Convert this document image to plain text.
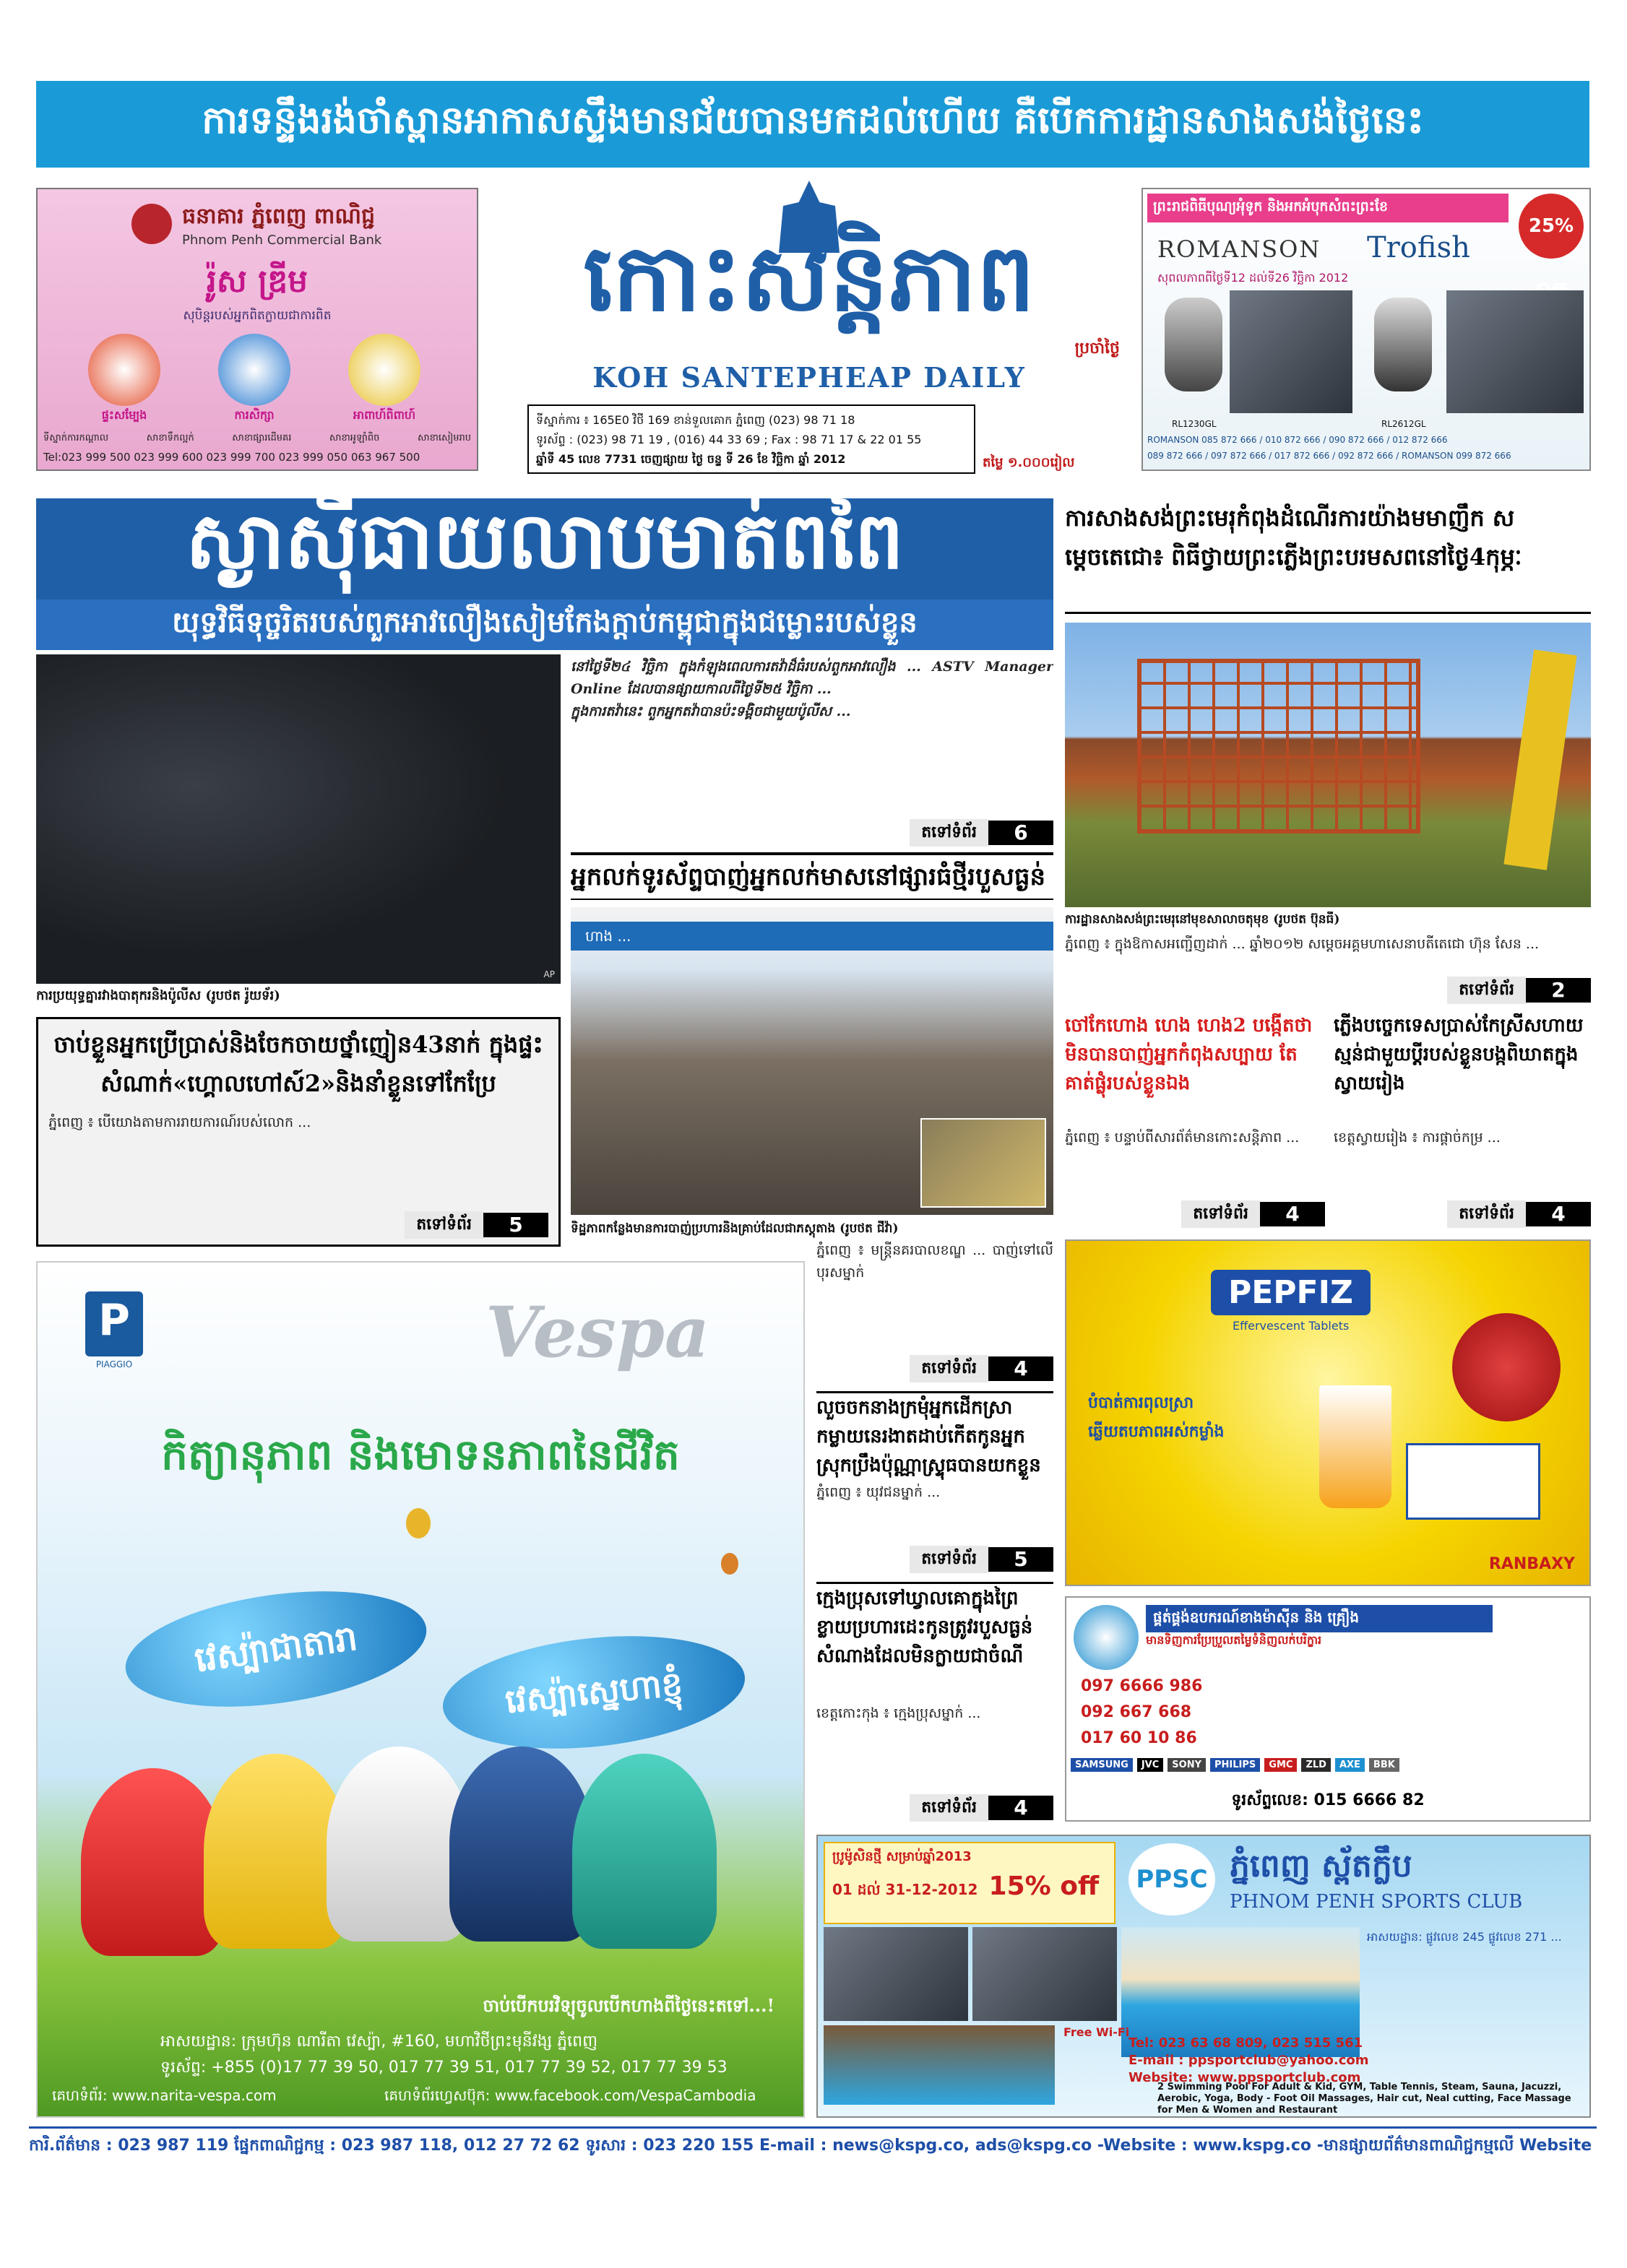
ការទន្ទឹងរង់ចាំស្ពានអាកាសស្ទឹងមានជ័យបានមកដល់ហើយ គឺបើកការដ្ឋានសាងសង់ថ្ងៃនេះ
ធនាគារ ភ្នំពេញ ពាណិជ្ជ
Phnom Penh Commercial Bank
រ៉ូស ឌ្រីម
សុបិន្តរបស់អ្នកពិតក្លាយជាការពិត
ផ្ទះសម្បែង	ការសិក្សា	អាពាហ៍ពិពាហ៍
ទីស្នាក់ការកណ្តាល	សាខាទឹកល្អក់	សាខាផ្សារដើមគរ	សាខាអូឡាំពិច	សាខាសៀមរាប
Tel:023 999 500 023 999 600 023 999 700 023 999 050 063 967 500
កោះសន្តិភាព
ប្រចាំថ្ងៃ
KOH SANTEPHEAP DAILY
ទីស្នាក់ការ ៖ 165E0 វិថី 169 ខាន់ទួលគោក ភ្នំពេញ (023) 98 71 18
ទូរស័ព្ទ : (023) 98 71 19 , (016) 44 33 69 ; Fax : 98 71 17 & 22 01 55
ឆ្នាំទី 45 លេខ 7731 ចេញផ្សាយ ថ្ងៃ ចន្ទ ទី 26 ខែ វិច្ឆិកា ឆ្នាំ 2012	តម្លៃ ១.០០០រៀល
ព្រះរាជពិធីបុណ្យអុំទូក និងអកអំបុកសំពះព្រះខែ
25%
ROMANSON Trofish
សុពលភាពពីថ្ងៃទី12 ដល់ទី26 វិច្ឆិកា 2012
RL1230GL	RL2612GL
ROMANSON 085 872 666 / 010 872 666 / 090 872 666 / 012 872 666
089 872 666 / 097 872 666 / 017 872 666 / 092 872 666 / ROMANSON 099 872 666
ស្ងាស៊ីធាយលាបមាត់ពពៃ
យុទ្ធវិធីទុច្ចរិតរបស់ពួកអាវលឿងសៀមកែងក្តាប់កម្ពុជាក្នុងជម្លោះរបស់ខ្លួន
AP
ការប្រយុទ្ធគ្នារវាងបាតុករនិងប៉ូលីស (រូបថត រ៉ូយទ័រ)
នៅថ្ងៃទី២៤ វិច្ឆិកា ក្នុងកំឡុងពេលការតវ៉ាដ៏ធំរបស់ពួកអាវលឿង ... ASTV Manager Online ដែលបានផ្សាយកាលពីថ្ងៃទី២៥ វិច្ឆិកា ...
ក្នុងការតវ៉ានេះ ពួកអ្នកតវ៉ាបានប៉ះទង្គិចជាមួយប៉ូលីស ...
តទៅទំព័រ	6
អ្នកលក់ទូរស័ព្ទបាញ់អ្នកលក់មាសនៅផ្សារធំថ្មីរបួសធ្ងន់
ហាង ...
ទិដ្ឋភាពកន្លែងមានការបាញ់ប្រហារនិងគ្រាប់ដែលជាភស្តុតាង (រូបថត ជីវ៉ា)
ចាប់ខ្លួនអ្នកប្រើប្រាស់និងចែកចាយថ្នាំញៀន43នាក់ ក្នុងផ្ទះសំណាក់«ហ្គោលហៅស៍2»និងនាំខ្លួនទៅកែប្រែ
ភ្នំពេញ ៖ បើយោងតាមការរាយការណ៍របស់លោក ...
តទៅទំព័រ	5
ការសាងសង់ព្រះមេរុកំពុងដំណើរការយ៉ាងមមាញឹក សម្តេចតេជោ៖ ពិធីថ្វាយព្រះភ្លើងព្រះបរមសពនៅថ្ងៃ4កុម្ភៈ
ការដ្ឋានសាងសង់ព្រះមេរុនៅមុខសាលាចតុមុខ (រូបថត ប៊ុនធី)
ភ្នំពេញ ៖ ក្នុងឱកាសអញ្ជើញដាក់ ... ឆ្នាំ២០១២ សម្តេចអគ្គមហាសេនាបតីតេជោ ហ៊ុន សែន ...
តទៅទំព័រ	2
ចៅកែហោង ហេង ហេង2 បង្កើតថាមិនបានបាញ់អ្នកកំពុងសប្បាយ តែគាត់ផ្លុំរបស់ខ្លួនឯង
ភ្នំពេញ ៖ បន្ទាប់ពីសារព័ត៌មានកោះសន្តិភាព ...
តទៅទំព័រ	4
ភ្លើងបច្ចេកទេសប្រាស់កែស្រីសហាយស្មន់ជាមួយប្តីរបស់ខ្លួនបង្កពិឃាតក្នុងស្វាយរៀង
ខេត្តស្វាយរៀង ៖ ការផ្តាច់កម្រ ...
តទៅទំព័រ	4
P
PIAGGIO	Vespa
កិត្យានុភាព និងមោទនភាពនៃជីវិត
វេស្ប៉ាជាតារា
វេស្ប៉ាស្នេហាខ្ញុំ
ចាប់បើកបរវិទ្យុចូលបើកហាងពីថ្ងៃនេះតទៅ...!
អាសយដ្ឋាន: ក្រុមហ៊ុន ណារីតា វេស្ប៉ា, #160, មហាវិថីព្រះមុនីវង្ស ភ្នំពេញ
ទូរស័ព្ទ: +855 (0)17 77 39 50, 017 77 39 51, 017 77 39 52, 017 77 39 53
គេហទំព័រ: www.narita-vespa.com	គេហទំព័រហ្វេសប៊ុក: www.facebook.com/VespaCambodia
ភ្នំពេញ ៖ មន្ត្រីនគរបាលខណ្ឌ ... បាញ់ទៅលើបុរសម្នាក់
តទៅទំព័រ	4
លួចចកនាងក្រមុំអ្នកដើកស្រាកម្លាយនេរងាតដាប់កើតកូនអ្នកស្រុកប្រឹងប៉ុណ្ណាស្ទ្រុធបានយកខ្លួន
ភ្នំពេញ ៖ យុវជនម្នាក់ ...
តទៅទំព័រ	5
ក្មេងប្រុសទៅឃ្វាលគោក្នុងព្រៃ ខ្លាយប្រហារដេះកូនត្រូវរបួសធ្ងន់សំណាងដែលមិនក្លាយជាចំណី
ខេត្តកោះកុង ៖ ក្មេងប្រុសម្នាក់ ...
តទៅទំព័រ	4
PEPFIZ
Effervescent Tablets
បំបាត់ការពុលស្រា
ឆ្លើយតបភាពអស់កម្លាំង
RANBAXY
ផ្គត់ផ្គង់ឧបករណ៍ខាងម៉ាស៊ីន និង គ្រឿង
មានទិញការប្រែប្រួលតម្លៃទំនិញលក់បរិក្ខារ
097 6666 986
092 667 668
017 60 10 86
SAMSUNG	JVC	SONY	PHILIPS	GMC	ZLD	AXE	BBK
ទូរស័ព្ទលេខ: 015 6666 82
ប្រូម៉ូសិនថ្មី សម្រាប់ឆ្នាំ2013
01 ដល់ 31-12-2012 15% off	PPSC ភ្នំពេញ ស្ព័តក្លឹប
PHNOM PENH SPORTS CLUB
Free Wi-Fi
Tel: 023 63 68 809, 023 515 561
E-mail : ppsportclub@yahoo.com
Website: www.ppsportclub.com
2 Swimming Pool For Adult & Kid, GYM, Table Tennis, Steam, Sauna, Jacuzzi, Aerobic, Yoga, Body - Foot Oil Massages, Hair cut, Neal cutting, Face Massage for Men & Women and Restaurant
អាសយដ្ឋាន: ផ្លូវលេខ 245 ផ្លូវលេខ 271 ...
ការិ.ព័ត៌មាន : 023 987 119 ផ្នែកពាណិជ្ជកម្ម : 023 987 118, 012 27 72 62 ទូរសារ : 023 220 155 E-mail : news@kspg.co, ads@kspg.co -Website : www.kspg.co -មានផ្សាយព័ត៌មានពាណិជ្ជកម្មលើ Website
